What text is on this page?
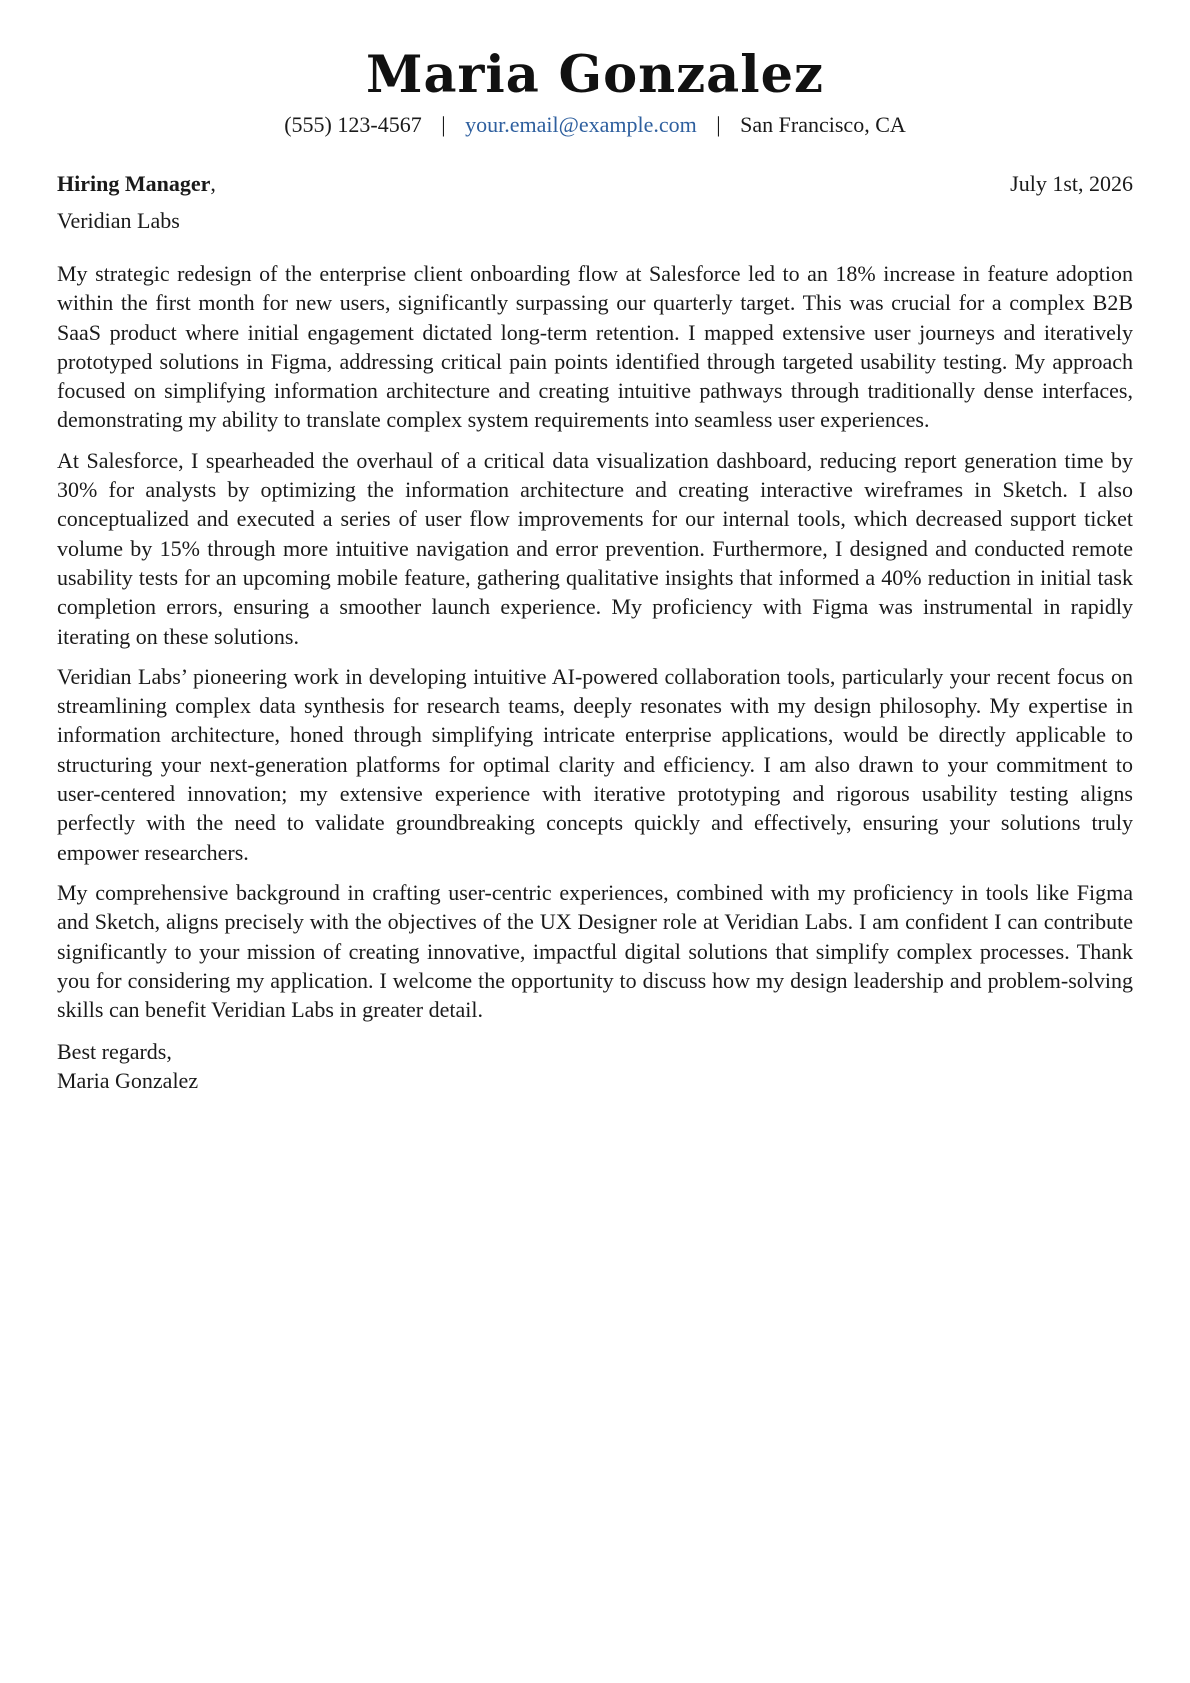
Maria Gonzalez
(555) 123-4567 | your.email@example.com | San Francisco, CA
Hiring Manager,	July 1st, 2026
Veridian Labs

My strategic redesign of the enterprise client onboarding flow at Salesforce led to an 18% increase in feature adoption within the first month for new users, significantly surpassing our quarterly target. This was crucial for a complex B2B SaaS product where initial engagement dictated long-term retention. I mapped extensive user journeys and iteratively prototyped solutions in Figma, addressing critical pain points identified through targeted usability testing. My approach focused on simplifying information architecture and creating intuitive pathways through traditionally dense interfaces, demonstrating my ability to translate complex system requirements into seamless user experiences.

At Salesforce, I spearheaded the overhaul of a critical data visualization dashboard, reducing report generation time by 30% for analysts by optimizing the information architecture and creating interactive wireframes in Sketch. I also conceptualized and executed a series of user flow improvements for our internal tools, which decreased support ticket volume by 15% through more intuitive navigation and error prevention. Furthermore, I designed and conducted remote usability tests for an upcoming mobile feature, gathering qualitative insights that informed a 40% reduction in initial task completion errors, ensuring a smoother launch experience. My proficiency with Figma was instrumental in rapidly iterating on these solutions.

Veridian Labs’ pioneering work in developing intuitive AI-powered collaboration tools, particularly your recent focus on streamlining complex data synthesis for research teams, deeply resonates with my design philosophy. My expertise in information architecture, honed through simplifying intricate enterprise applications, would be directly applicable to structuring your next-generation platforms for optimal clarity and efficiency. I am also drawn to your commitment to user-centered innovation; my extensive experience with iterative prototyping and rigorous usability testing aligns perfectly with the need to validate groundbreaking concepts quickly and effectively, ensuring your solutions truly empower researchers.

My comprehensive background in crafting user-centric experiences, combined with my proficiency in tools like Figma and Sketch, aligns precisely with the objectives of the UX Designer role at Veridian Labs. I am confident I can contribute significantly to your mission of creating innovative, impactful digital solutions that simplify complex processes. Thank you for considering my application. I welcome the opportunity to discuss how my design leadership and problem-solving skills can benefit Veridian Labs in greater detail.

Best regards,
Maria Gonzalez
